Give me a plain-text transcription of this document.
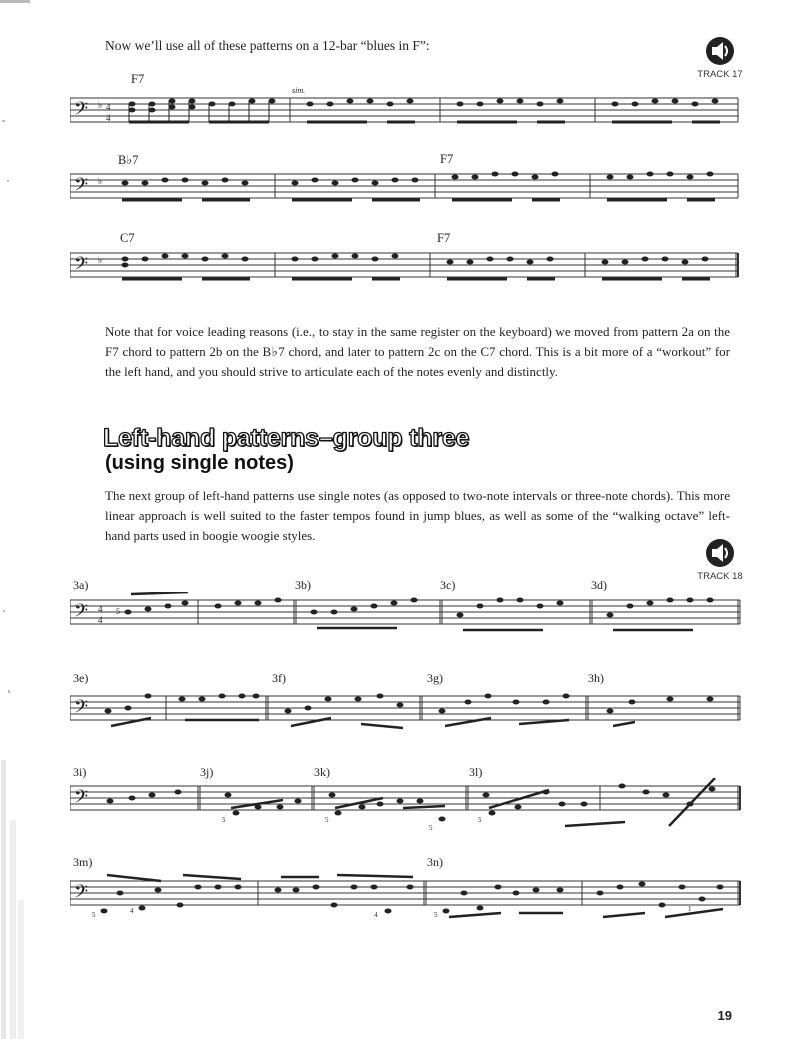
Now we’ll use all of these patterns on a 12-bar “blues in F”:
TRACK 17
F7
sim.
𝄢 ♭ 4
4
B♭7	F7
𝄢 ♭
C7	F7
𝄢 ♭

Note that for voice leading reasons (i.e., to stay in the same register on the keyboard) we moved from pattern 2a on the F7 chord to pattern 2b on the B♭7 chord, and later to pattern 2c on the C7 chord. This is a bit more of a “workout” for the left hand, and you should strive to articulate each of the notes evenly and distinctly.

Left-hand patterns–group three
(using single notes)

The next group of left-hand patterns use single notes (as opposed to two-note intervals or three-note chords). This more linear approach is well suited to the faster tempos found in jump blues, as well as some of the “walking octave” left-hand parts used in boogie woogie styles.

TRACK 18
3a)	3b)	3c)	3d)
𝄢 4
4
5
3e)	3f)	3g)	3h)
𝄢
3i)	3j)	3k)	3l)
𝄢
5	5
5
5
3m)	3n)
𝄢
5	4	4	5
1
19
